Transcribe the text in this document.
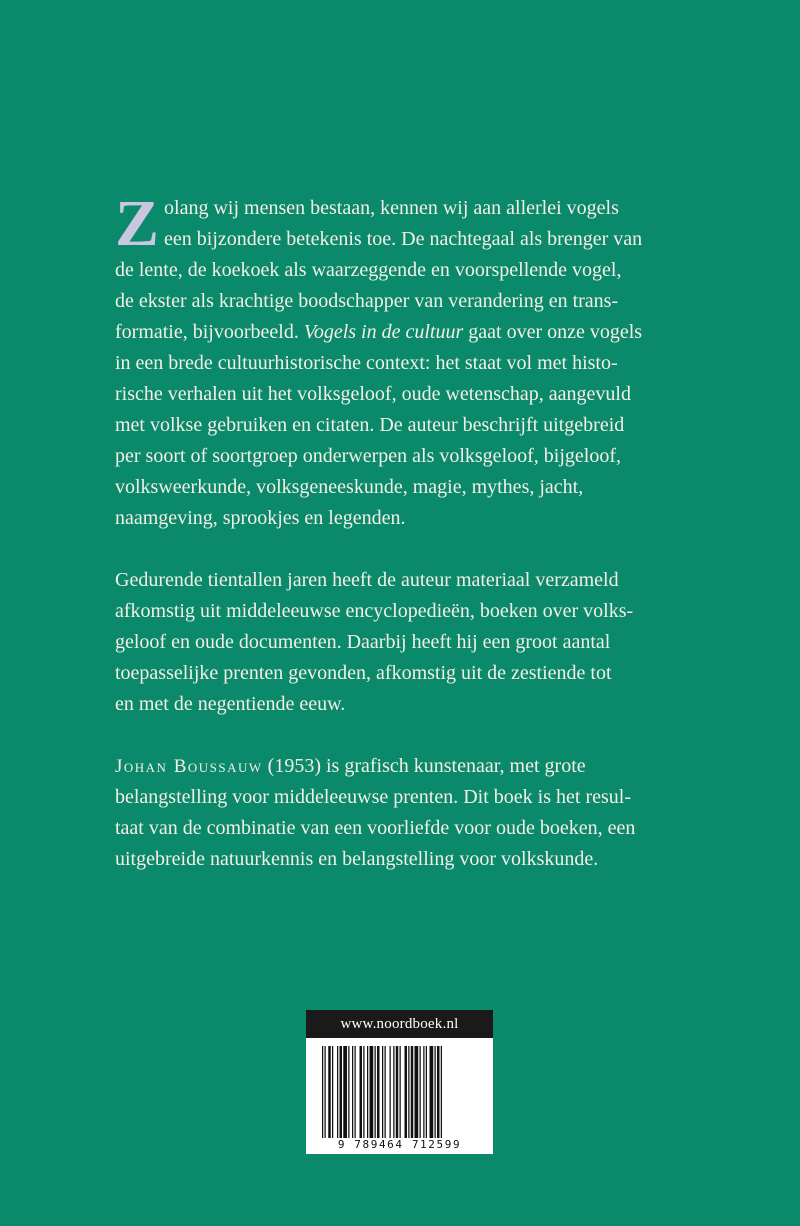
Z olang wij mensen bestaan, kennen wij aan allerlei vogels
een bijzondere betekenis toe. De nachtegaal als brenger van
de lente, de koekoek als waarzeggende en voorspellende vogel,
de ekster als krachtige boodschapper van verandering en trans-
formatie, bijvoorbeeld. Vogels in de cultuur gaat over onze vogels
in een brede cultuurhistorische context: het staat vol met histo-
rische verhalen uit het volksgeloof, oude wetenschap, aangevuld
met volkse gebruiken en citaten. De auteur beschrijft uitgebreid
per soort of soortgroep onderwerpen als volksgeloof, bijgeloof,
volksweerkunde, volksgeneeskunde, magie, mythes, jacht,
naamgeving, sprookjes en legenden.
Gedurende tientallen jaren heeft de auteur materiaal verzameld
afkomstig uit middeleeuwse encyclopedieën, boeken over volks-
geloof en oude documenten. Daarbij heeft hij een groot aantal
toepasselijke prenten gevonden, afkomstig uit de zestiende tot
en met de negentiende eeuw.
Johan Boussauw (1953) is grafisch kunstenaar, met grote
belangstelling voor middeleeuwse prenten. Dit boek is het resul-
taat van de combinatie van een voorliefde voor oude boeken, een
uitgebreide natuurkennis en belangstelling voor volkskunde.
www.noordboek.nl
9 789464 712599
